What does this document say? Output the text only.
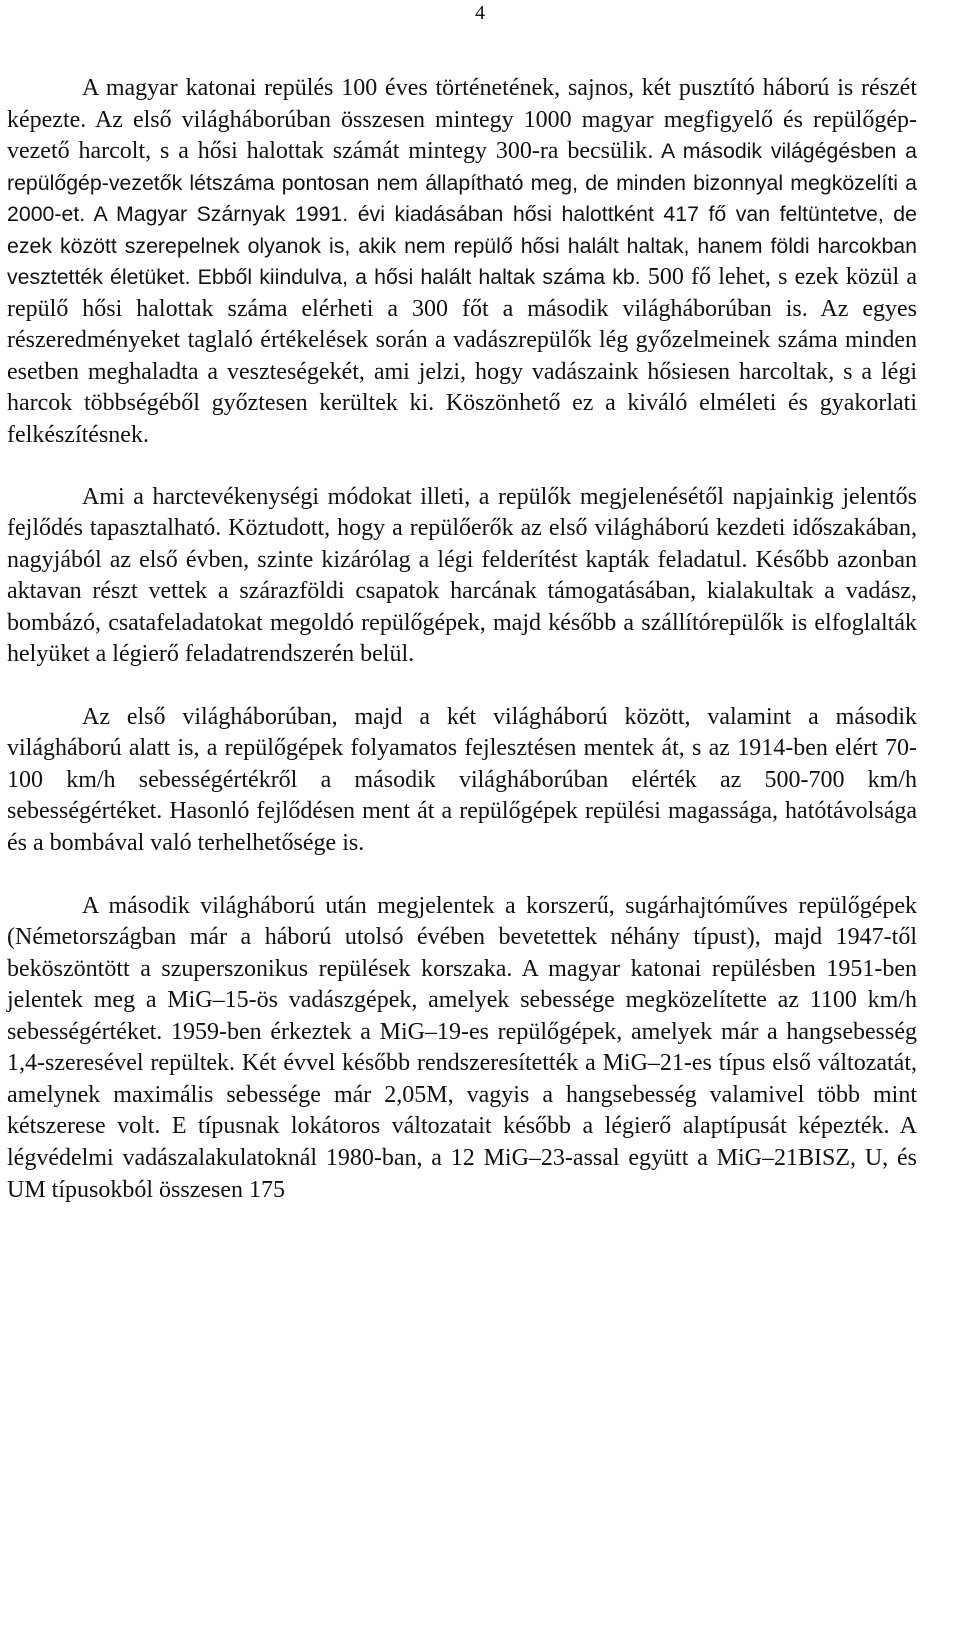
4

A magyar katonai repülés 100 éves történetének, sajnos, két pusztító háború is részét képezte. Az első világháborúban összesen mintegy 1000 magyar megfigyelő és repülőgép-vezető harcolt, s a hősi halottak számát mintegy 300-ra becsülik. A második világégésben a repülőgép-vezetők létszáma pontosan nem állapítható meg, de minden bizonnyal megközelíti a 2000-et. A Magyar Szárnyak 1991. évi kiadásában hősi halottként 417 fő van feltüntetve, de ezek között szerepelnek olyanok is, akik nem repülő hősi halált haltak, hanem földi harcokban vesztették életüket. Ebből kiindulva, a hősi halált haltak száma kb. 500 fő lehet, s ezek közül a repülő hősi halottak száma elérheti a 300 főt a második világháborúban is. Az egyes részeredményeket taglaló értékelések során a vadászrepülők lég győzelmeinek száma minden esetben meghaladta a veszteségekét, ami jelzi, hogy vadászaink hősiesen harcoltak, s a légi harcok többségéből győztesen kerültek ki. Köszönhető ez a kiváló elméleti és gyakorlati felkészítésnek.

Ami a harctevékenységi módokat illeti, a repülők megjelenésétől napjainkig jelentős fejlődés tapasztalható. Köztudott, hogy a repülőerők az első világháború kezdeti időszakában, nagyjából az első évben, szinte kizárólag a légi felderítést kapták feladatul. Később azonban aktavan részt vettek a szárazföldi csapatok harcának támogatásában, kialakultak a vadász, bombázó, csatafeladatokat megoldó repülőgépek, majd később a szállítórepülők is elfoglalták helyüket a légierő feladatrendszerén belül.

Az első világháborúban, majd a két világháború között, valamint a második világháború alatt is, a repülőgépek folyamatos fejlesztésen mentek át, s az 1914-ben elért 70-100 km/h sebességértékről a második világháborúban elérték az 500-700 km/h sebességértéket. Hasonló fejlődésen ment át a repülőgépek repülési magassága, hatótávolsága és a bombával való terhelhetősége is.

A második világháború után megjelentek a korszerű, sugárhajtóműves repülőgépek (Németországban már a háború utolsó évében bevetettek néhány típust), majd 1947-től beköszöntött a szuperszonikus repülések korszaka. A magyar katonai repülésben 1951-ben jelentek meg a MiG–15-ös vadászgépek, amelyek sebessége megközelítette az 1100 km/h sebességértéket. 1959-ben érkeztek a MiG–19-es repülőgépek, amelyek már a hangsebesség 1,4-szeresével repültek. Két évvel később rendszeresítették a MiG–21-es típus első változatát, amelynek maximális sebessége már 2,05M, vagyis a hangsebesség valamivel több mint kétszerese volt. E típusnak lokátoros változatait később a légierő alaptípusát képezték. A légvédelmi vadászalakulatoknál 1980-ban, a 12 MiG–23-assal együtt a MiG–21BISZ, U, és UM típusokból összesen 175
